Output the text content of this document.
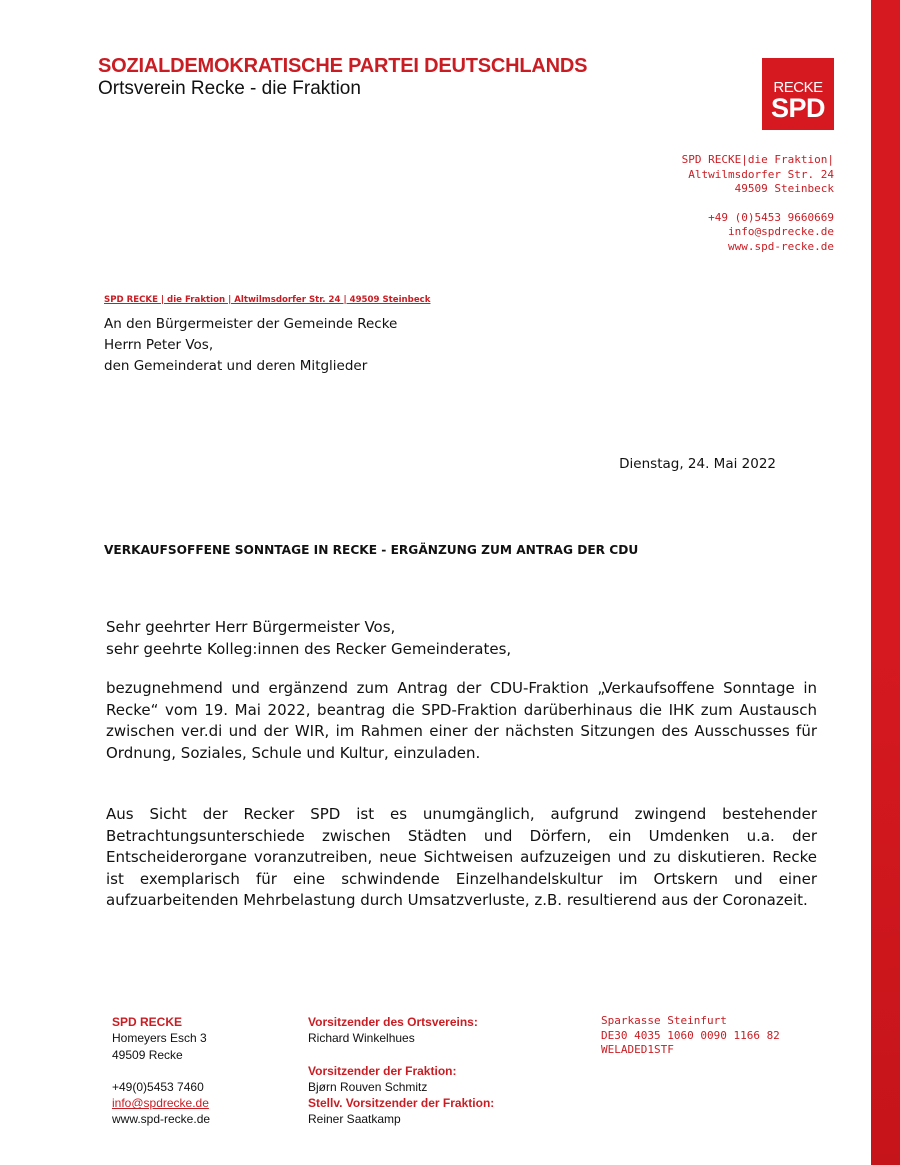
SOZIALDEMOKRATISCHE PARTEI DEUTSCHLANDS
Ortsverein Recke - die Fraktion	RECKE
SPD
SPD RECKE|die Fraktion|
Altwilmsdorfer Str. 24
49509 Steinbeck
+49 (0)5453 9660669
info@spdrecke.de
www.spd-recke.de
SPD RECKE | die Fraktion | Altwilmsdorfer Str. 24 | 49509 Steinbeck
An den Bürgermeister der Gemeinde Recke
Herrn Peter Vos,
den Gemeinderat und deren Mitglieder
Dienstag, 24. Mai 2022
VERKAUFSOFFENE SONNTAGE IN RECKE - ERGÄNZUNG ZUM ANTRAG DER CDU
Sehr geehrter Herr Bürgermeister Vos,
sehr geehrte Kolleg:innen des Recker Gemeinderates,
bezugnehmend und ergänzend zum Antrag der CDU-Fraktion „Verkaufsoffene Sonntage in Recke“ vom 19. Mai 2022, beantrag die SPD-Fraktion darüberhinaus die IHK zum Austausch zwischen ver.di und der WIR, im Rahmen einer der nächsten Sitzungen des Ausschusses für Ordnung, Soziales, Schule und Kultur, einzuladen.
Aus Sicht der Recker SPD ist es unumgänglich, aufgrund zwingend bestehender Betrachtungsunterschiede zwischen Städten und Dörfern, ein Umdenken u.a. der Entscheiderorgane voranzutreiben, neue Sichtweisen aufzuzeigen und zu diskutieren. Recke ist exemplarisch für eine schwindende Einzelhandelskultur im Ortskern und einer aufzuarbeitenden Mehrbelastung durch Umsatzverluste, z.B. resultierend aus der Coronazeit.
SPD RECKE
Homeyers Esch 3
49509 Recke
+49(0)5453 7460
info@spdrecke.de
www.spd-recke.de
Vorsitzender des Ortsvereins:
Richard Winkelhues
Vorsitzender der Fraktion:
Bjørn Rouven Schmitz
Stellv. Vorsitzender der Fraktion:
Reiner Saatkamp
Sparkasse Steinfurt
DE30 4035 1060 0090 1166 82
WELADED1STF
